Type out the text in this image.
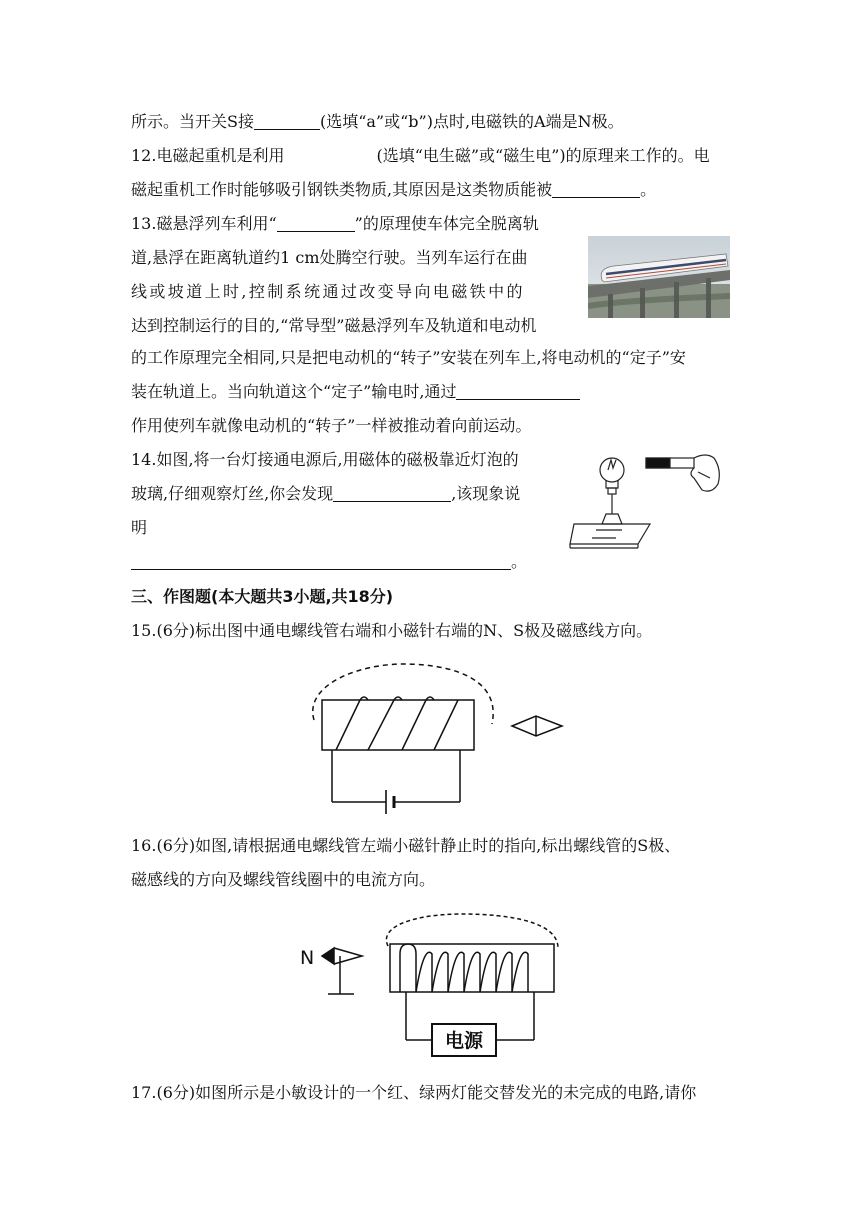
所示。当开关S接	(选填“a”或“b”)点时,电磁铁的A端是N极。
12.电磁起重机是利用	(选填“电生磁”或“磁生电”)的原理来工作的。电
磁起重机工作时能够吸引钢铁类物质,其原因是这类物质能被	。
13.磁悬浮列车利用“	”的原理使车体完全脱离轨
道,悬浮在距离轨道约1 cm处腾空行驶。当列车运行在曲
线或坡道上时,控制系统通过改变导向电磁铁中的
达到控制运行的目的,“常导型”磁悬浮列车及轨道和电动机
的工作原理完全相同,只是把电动机的“转子”安装在列车上,将电动机的“定子”安
装在轨道上。当向轨道这个“定子”输电时,通过
作用使列车就像电动机的“转子”一样被推动着向前运动。
14.如图,将一台灯接通电源后,用磁体的磁极靠近灯泡的
玻璃,仔细观察灯丝,你会发现	,该现象说
明
。
三、作图题(本大题共3小题,共18分)
15.(6分)标出图中通电螺线管右端和小磁针右端的N、S极及磁感线方向。
16.(6分)如图,请根据通电螺线管左端小磁针静止时的指向,标出螺线管的S极、
磁感线的方向及螺线管线圈中的电流方向。
N
电源
17.(6分)如图所示是小敏设计的一个红、绿两灯能交替发光的未完成的电路,请你
